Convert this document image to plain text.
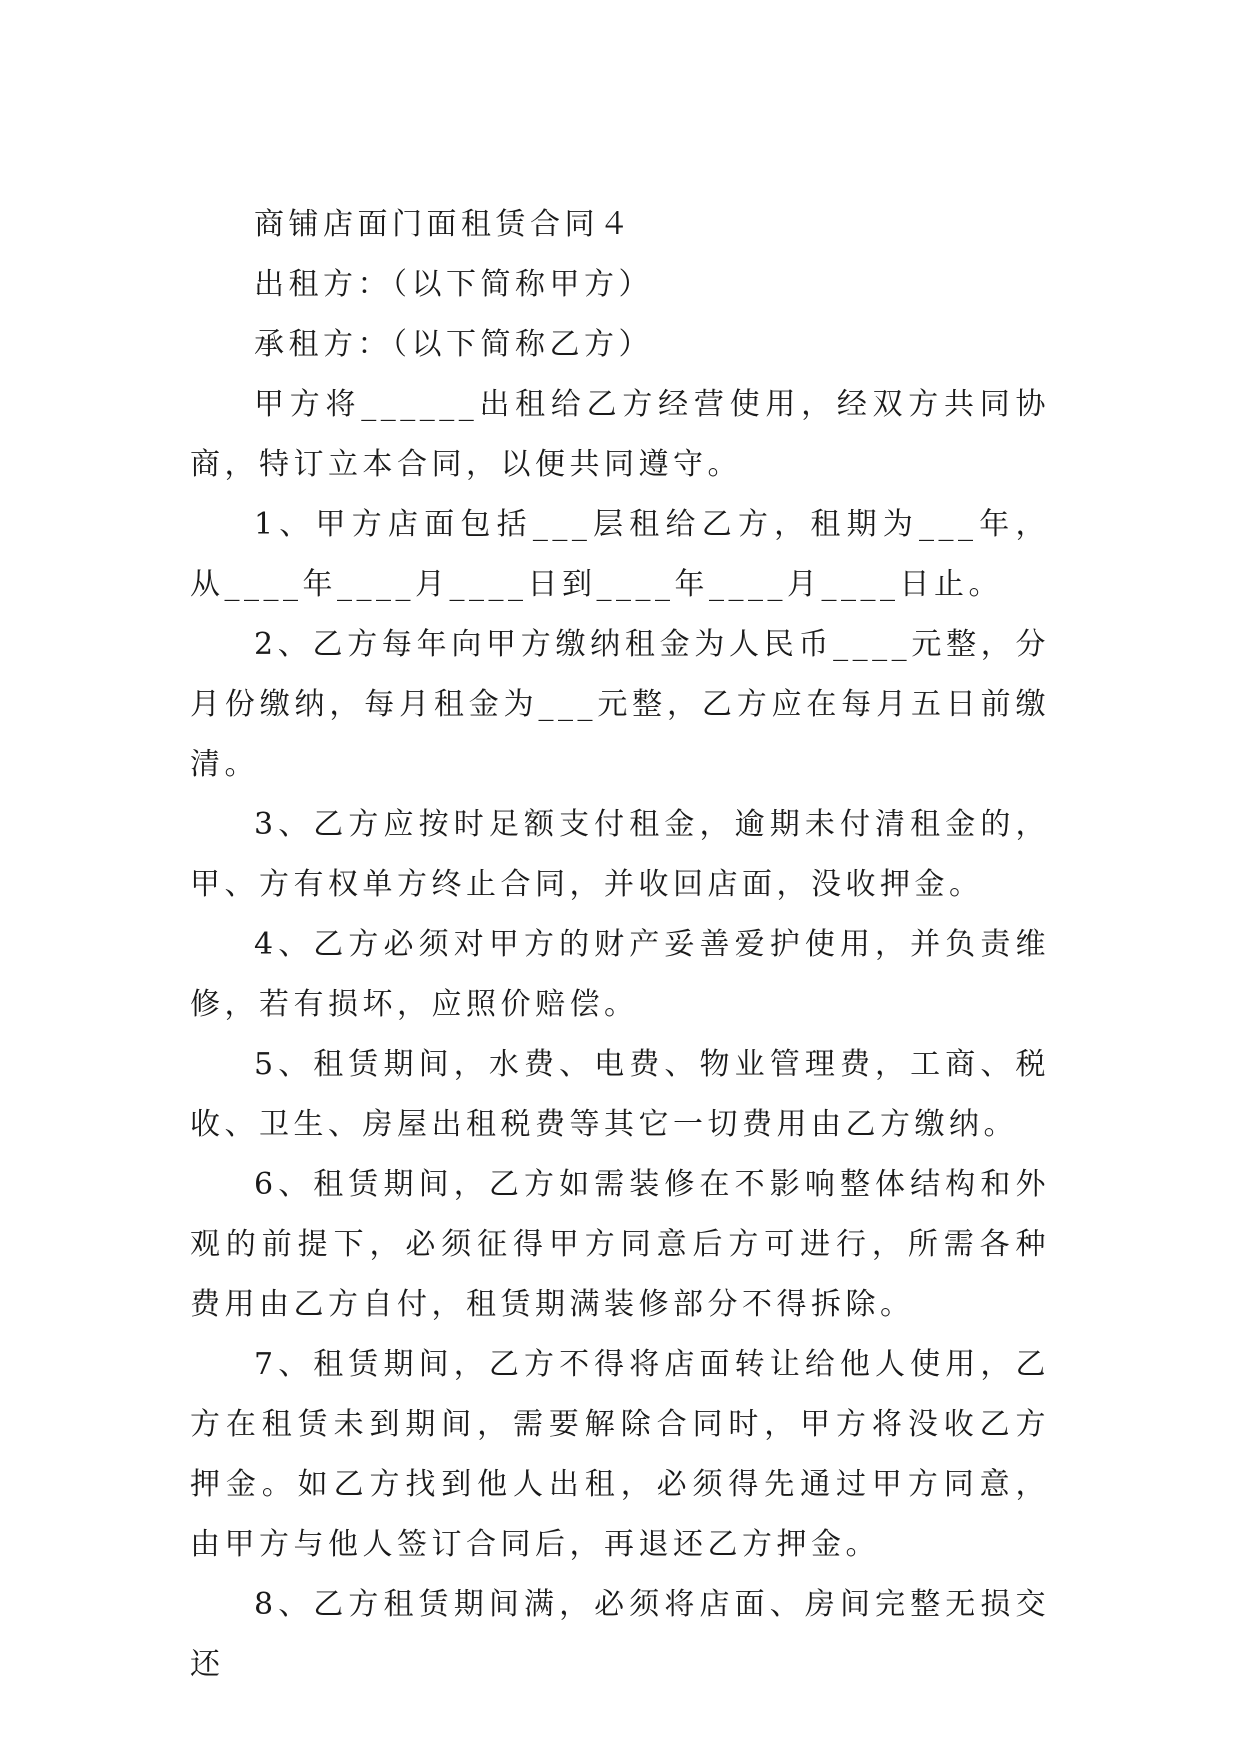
商铺店面门面租赁合同４
出租方：（以下简称甲方）
承租方：（以下简称乙方）

甲方将______出租给乙方经营使用，经双方共同协商，特订立本合同，以便共同遵守。

1、甲方店面包括___层租给乙方，租期为___年，从____年____月____日到____年____月____日止。

2、乙方每年向甲方缴纳租金为人民币____元整，分月份缴纳，每月租金为___元整，乙方应在每月五日前缴清。

3、乙方应按时足额支付租金，逾期未付清租金的，甲、方有权单方终止合同，并收回店面，没收押金。

4、乙方必须对甲方的财产妥善爱护使用，并负责维修，若有损坏，应照价赔偿。

5、租赁期间，水费、电费、物业管理费，工商、税收、卫生、房屋出租税费等其它一切费用由乙方缴纳。

6、租赁期间，乙方如需装修在不影响整体结构和外观的前提下，必须征得甲方同意后方可进行，所需各种费用由乙方自付，租赁期满装修部分不得拆除。

7、租赁期间，乙方不得将店面转让给他人使用，乙方在租赁未到期间，需要解除合同时，甲方将没收乙方押金。如乙方找到他人出租，必须得先通过甲方同意，由甲方与他人签订合同后，再退还乙方押金。

8、乙方租赁期间满，必须将店面、房间完整无损交还
